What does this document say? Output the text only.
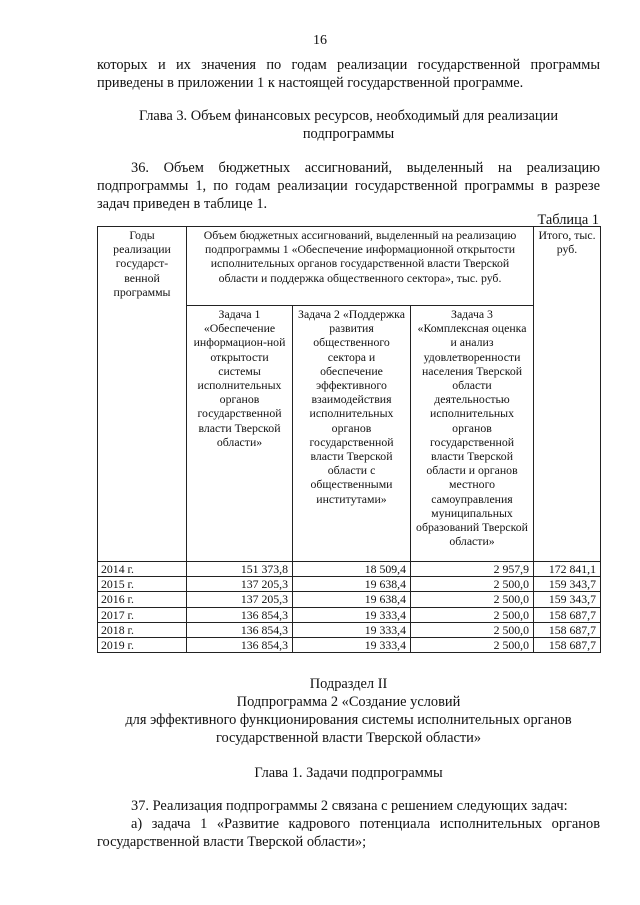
16
которых и их значения по годам реализации государственной программы
приведены в приложении 1 к настоящей государственной программе.
Глава 3. Объем финансовых ресурсов, необходимый для реализации
подпрограммы
36. Объем бюджетных ассигнований, выделенный на реализацию
подпрограммы 1, по годам реализации государственной программы в разрезе
задач приведен в таблице 1.
Таблица 1
Годы реализации государст-венной программы	Объем бюджетных ассигнований, выделенный на реализацию подпрограммы 1 «Обеспечение информационной открытости исполнительных органов государственной власти Тверской области и поддержка общественного сектора», тыс. руб.			Итого, тыс. руб.
	Задача 1 «Обеспечение информацион-ной открытости системы исполнительных органов государственной власти Тверской области»	Задача 2 «Поддержка развития общественного сектора и обеспечение эффективного взаимодействия исполнительных органов государственной власти Тверской области с общественными институтами»	Задача 3 «Комплексная оценка и анализ удовлетворенности населения Тверской области деятельностью исполнительных органов государственной власти Тверской области и органов местного самоуправления муниципальных образований Тверской области»	
2014 г.	151 373,8	18 509,4	2 957,9	172 841,1
2015 г.	137 205,3	19 638,4	2 500,0	159 343,7
2016 г.	137 205,3	19 638,4	2 500,0	159 343,7
2017 г.	136 854,3	19 333,4	2 500,0	158 687,7
2018 г.	136 854,3	19 333,4	2 500,0	158 687,7
2019 г.	136 854,3	19 333,4	2 500,0	158 687,7
Подраздел II
Подпрограмма 2 «Создание условий
для эффективного функционирования системы исполнительных органов
государственной власти Тверской области»
Глава 1. Задачи подпрограммы
37. Реализация подпрограммы 2 связана с решением следующих задач:
а) задача 1 «Развитие кадрового потенциала исполнительных органов
государственной власти Тверской области»;
